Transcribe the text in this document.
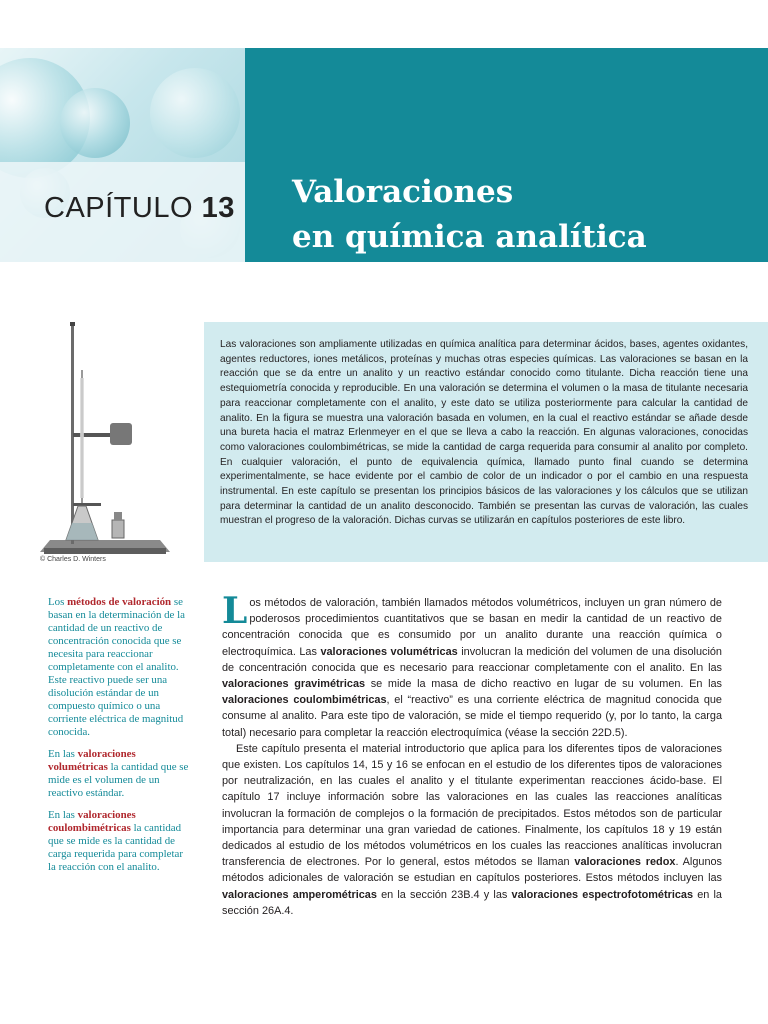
CAPÍTULO 13 Valoraciones
en química analítica
© Charles D. Winters

Las valoraciones son ampliamente utilizadas en química analítica para determinar ácidos, bases, agentes oxidantes, agentes reductores, iones metálicos, proteínas y muchas otras especies químicas. Las valoraciones se basan en la reacción que se da entre un analito y un reactivo estándar conocido como titulante. Dicha reacción tiene una estequiometría conocida y reproducible. En una valoración se determina el volumen o la masa de titulante necesaria para reaccionar completamente con el analito, y este dato se utiliza posteriormente para calcular la cantidad de analito. En la figura se muestra una valoración basada en volumen, en la cual el reactivo estándar se añade desde una bureta hacia el matraz Erlenmeyer en el que se lleva a cabo la reacción. En algunas valoraciones, conocidas como valoraciones coulombimétricas, se mide la cantidad de carga requerida para consumir al analito por completo. En cualquier valoración, el punto de equivalencia química, llamado punto final cuando se determina experimentalmente, se hace evidente por el cambio de color de un indicador o por el cambio en una respuesta instrumental. En este capítulo se presentan los principios básicos de las valoraciones y los cálculos que se utilizan para determinar la cantidad de un analito desconocido. También se presentan las curvas de valoración, las cuales muestran el progreso de la valoración. Dichas curvas se utilizarán en capítulos posteriores de este libro.

Los métodos de valoración se basan en la determinación de la cantidad de un reactivo de concentración conocida que se necesita para reaccionar completamente con el analito. Este reactivo puede ser una disolución estándar de un compuesto químico o una corriente eléctrica de magnitud conocida.

En las valoraciones volumétricas la cantidad que se mide es el volumen de un reactivo estándar.

En las valoraciones coulombimétricas la cantidad que se mide es la cantidad de carga requerida para completar la reacción con el analito.

Los métodos de valoración, también llamados métodos volumétricos, incluyen un gran número de poderosos procedimientos cuantitativos que se basan en medir la cantidad de un reactivo de concentración conocida que es consumido por un analito durante una reacción química o electroquímica. Las valoraciones volumétricas involucran la medición del volumen de una disolución de concentración conocida que es necesario para reaccionar completamente con el analito. En las valoraciones gravimétricas se mide la masa de dicho reactivo en lugar de su volumen. En las valoraciones coulombimétricas, el “reactivo” es una corriente eléctrica de magnitud conocida que consume al analito. Para este tipo de valoración, se mide el tiempo requerido (y, por lo tanto, la carga total) necesario para completar la reacción electroquímica (véase la sección 22D.5).

Este capítulo presenta el material introductorio que aplica para los diferentes tipos de valoraciones que existen. Los capítulos 14, 15 y 16 se enfocan en el estudio de los diferentes tipos de valoraciones por neutralización, en las cuales el analito y el titulante experimentan reacciones ácido-base. El capítulo 17 incluye información sobre las valoraciones en las cuales las reacciones analíticas involucran la formación de complejos o la formación de precipitados. Estos métodos son de particular importancia para determinar una gran variedad de cationes. Finalmente, los capítulos 18 y 19 están dedicados al estudio de los métodos volumétricos en los cuales las reacciones analíticas involucran transferencia de electrones. Por lo general, estos métodos se llaman valoraciones redox. Algunos métodos adicionales de valoración se estudian en capítulos posteriores. Estos métodos incluyen las valoraciones amperométricas en la sección 23B.4 y las valoraciones espectrofotométricas en la sección 26A.4.
